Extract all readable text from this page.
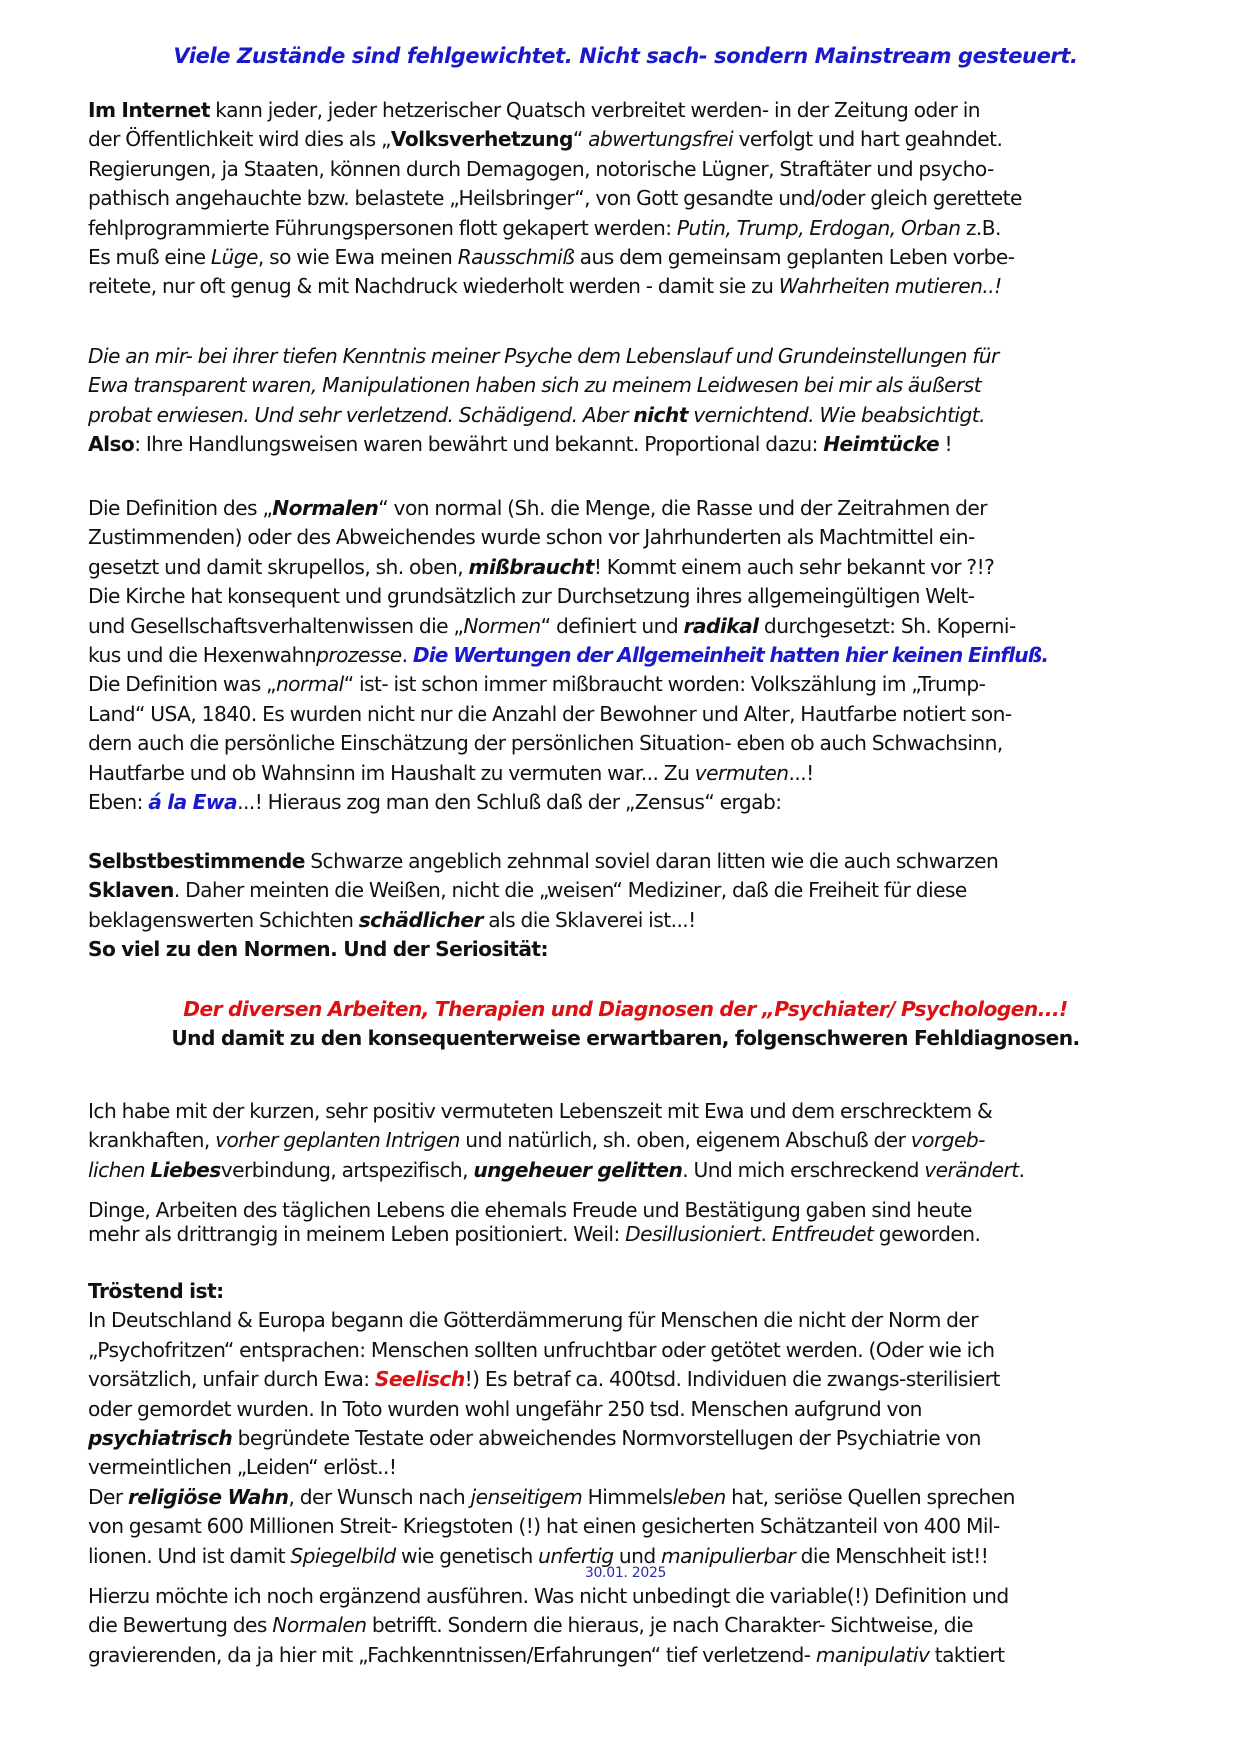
Viele Zustände sind fehlgewichtet. Nicht sach- sondern Mainstream gesteuert.
Im Internet kann jeder, jeder hetzerischer Quatsch verbreitet werden- in der Zeitung oder in
der Öffentlichkeit wird dies als „Volksverhetzung“ abwertungsfrei verfolgt und hart geahndet.
Regierungen, ja Staaten, können durch Demagogen, notorische Lügner, Straftäter und psycho-
pathisch angehauchte bzw. belastete „Heilsbringer“, von Gott gesandte und/oder gleich gerettete
fehlprogrammierte Führungspersonen flott gekapert werden: Putin, Trump, Erdogan, Orban z.B.
Es muß eine Lüge, so wie Ewa meinen Rausschmiß aus dem gemeinsam geplanten Leben vorbe-
reitete, nur oft genug & mit Nachdruck wiederholt werden - damit sie zu Wahrheiten mutieren..!
Die an mir- bei ihrer tiefen Kenntnis meiner Psyche dem Lebenslauf und Grundeinstellungen für
Ewa transparent waren, Manipulationen haben sich zu meinem Leidwesen bei mir als äußerst
probat erwiesen. Und sehr verletzend. Schädigend. Aber nicht vernichtend. Wie beabsichtigt.
Also: Ihre Handlungsweisen waren bewährt und bekannt. Proportional dazu: Heimtücke !
Die Definition des „Normalen“ von normal (Sh. die Menge, die Rasse und der Zeitrahmen der
Zustimmenden) oder des Abweichendes wurde schon vor Jahrhunderten als Machtmittel ein-
gesetzt und damit skrupellos, sh. oben, mißbraucht! Kommt einem auch sehr bekannt vor ?!?
Die Kirche hat konsequent und grundsätzlich zur Durchsetzung ihres allgemeingültigen Welt-
und Gesellschaftsverhaltenwissen die „Normen“ definiert und radikal durchgesetzt: Sh. Koperni-
kus und die Hexenwahnprozesse. Die Wertungen der Allgemeinheit hatten hier keinen Einfluß.
Die Definition was „normal“ ist- ist schon immer mißbraucht worden: Volkszählung im „Trump-
Land“ USA, 1840. Es wurden nicht nur die Anzahl der Bewohner und Alter, Hautfarbe notiert son-
dern auch die persönliche Einschätzung der persönlichen Situation- eben ob auch Schwachsinn,
Hautfarbe und ob Wahnsinn im Haushalt zu vermuten war... Zu vermuten...!
Eben: á la Ewa...! Hieraus zog man den Schluß daß der „Zensus“ ergab:
Selbstbestimmende Schwarze angeblich zehnmal soviel daran litten wie die auch schwarzen
Sklaven. Daher meinten die Weißen, nicht die „weisen“ Mediziner, daß die Freiheit für diese
beklagenswerten Schichten schädlicher als die Sklaverei ist...!
So viel zu den Normen. Und der Seriosität:
Der diversen Arbeiten, Therapien und Diagnosen der „Psychiater/ Psychologen...!
Und damit zu den konsequenterweise erwartbaren, folgenschweren Fehldiagnosen.
Ich habe mit der kurzen, sehr positiv vermuteten Lebenszeit mit Ewa und dem erschrecktem &
krankhaften, vorher geplanten Intrigen und natürlich, sh. oben, eigenem Abschuß der vorgeb-
lichen Liebesverbindung, artspezifisch, ungeheuer gelitten. Und mich erschreckend verändert.
Dinge, Arbeiten des täglichen Lebens die ehemals Freude und Bestätigung gaben sind heute
mehr als drittrangig in meinem Leben positioniert. Weil: Desillusioniert. Entfreudet geworden.
Tröstend ist:
In Deutschland & Europa begann die Götterdämmerung für Menschen die nicht der Norm der
„Psychofritzen“ entsprachen: Menschen sollten unfruchtbar oder getötet werden. (Oder wie ich
vorsätzlich, unfair durch Ewa: Seelisch!) Es betraf ca. 400tsd. Individuen die zwangs-sterilisiert
oder gemordet wurden. In Toto wurden wohl ungefähr 250 tsd. Menschen aufgrund von
psychiatrisch begründete Testate oder abweichendes Normvorstellugen der Psychiatrie von
vermeintlichen „Leiden“ erlöst..!
Der religiöse Wahn, der Wunsch nach jenseitigem Himmelsleben hat, seriöse Quellen sprechen
von gesamt 600 Millionen Streit- Kriegstoten (!) hat einen gesicherten Schätzanteil von 400 Mil-
lionen. Und ist damit Spiegelbild wie genetisch unfertig und manipulierbar die Menschheit ist!!
30.01. 2025
Hierzu möchte ich noch ergänzend ausführen. Was nicht unbedingt die variable(!) Definition und
die Bewertung des Normalen betrifft. Sondern die hieraus, je nach Charakter- Sichtweise, die
gravierenden, da ja hier mit „Fachkenntnissen/Erfahrungen“ tief verletzend- manipulativ taktiert
